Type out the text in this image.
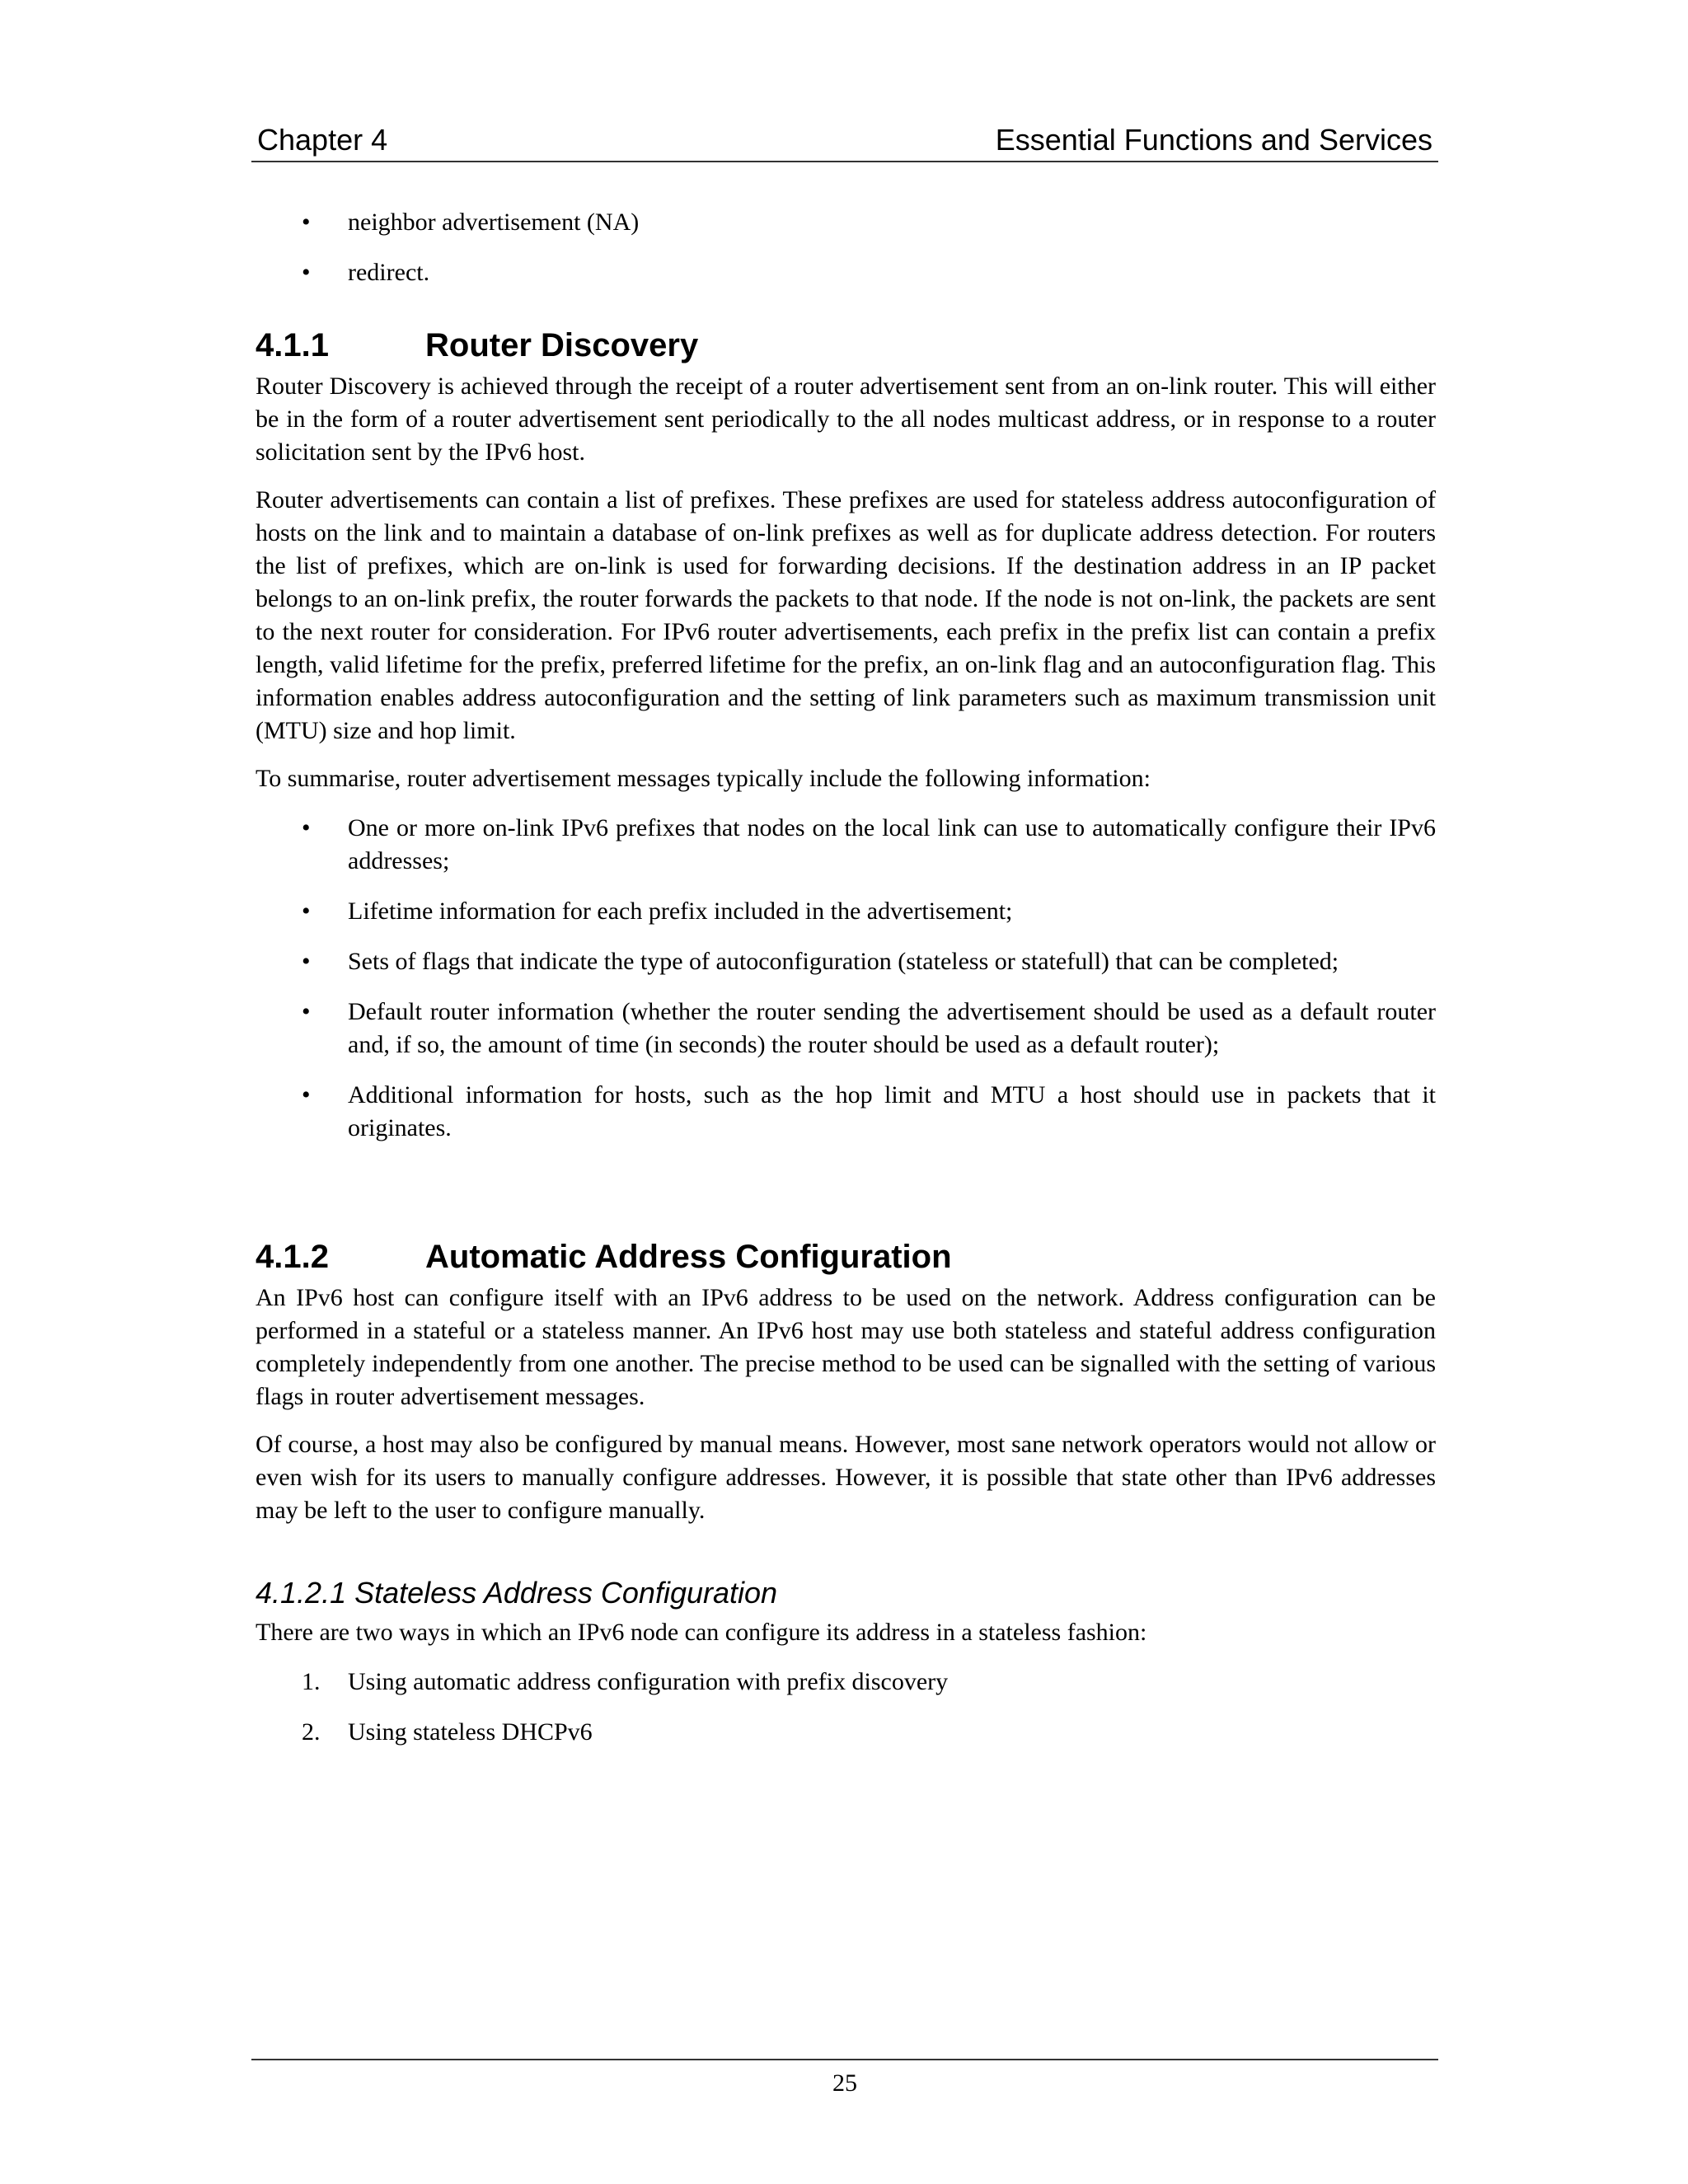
Chapter 4	Essential Functions and Services
• neighbor advertisement (NA)
• redirect.
4.1.1	Router Discovery

Router Discovery is achieved through the receipt of a router advertisement sent from an on-link router. This will either be in the form of a router advertisement sent periodically to the all nodes multicast address, or in response to a router solicitation sent by the IPv6 host.

Router advertisements can contain a list of prefixes. These prefixes are used for stateless address autoconfiguration of hosts on the link and to maintain a database of on-link prefixes as well as for duplicate address detection. For routers the list of prefixes, which are on-link is used for forwarding decisions. If the destination address in an IP packet belongs to an on-link prefix, the router forwards the packets to that node. If the node is not on-link, the packets are sent to the next router for consideration. For IPv6 router advertisements, each prefix in the prefix list can contain a prefix length, valid lifetime for the prefix, preferred lifetime for the prefix, an on-link flag and an autoconfiguration flag. This information enables address autoconfiguration and the setting of link parameters such as maximum transmission unit (MTU) size and hop limit.

To summarise, router advertisement messages typically include the following information:

• One or more on-link IPv6 prefixes that nodes on the local link can use to automatically configure their IPv6 addresses;
• Lifetime information for each prefix included in the advertisement;
• Sets of flags that indicate the type of autoconfiguration (stateless or statefull) that can be completed;
• Default router information (whether the router sending the advertisement should be used as a default router and, if so, the amount of time (in seconds) the router should be used as a default router);
• Additional information for hosts, such as the hop limit and MTU a host should use in packets that it originates.
4.1.2	Automatic Address Configuration

An IPv6 host can configure itself with an IPv6 address to be used on the network. Address configuration can be performed in a stateful or a stateless manner. An IPv6 host may use both stateless and stateful address configuration completely independently from one another. The precise method to be used can be signalled with the setting of various flags in router advertisement messages.

Of course, a host may also be configured by manual means. However, most sane network operators would not allow or even wish for its users to manually configure addresses. However, it is possible that state other than IPv6 addresses may be left to the user to configure manually.

4.1.2.1 Stateless Address Configuration

There are two ways in which an IPv6 node can configure its address in a stateless fashion:

1. Using automatic address configuration with prefix discovery
2. Using stateless DHCPv6
25
